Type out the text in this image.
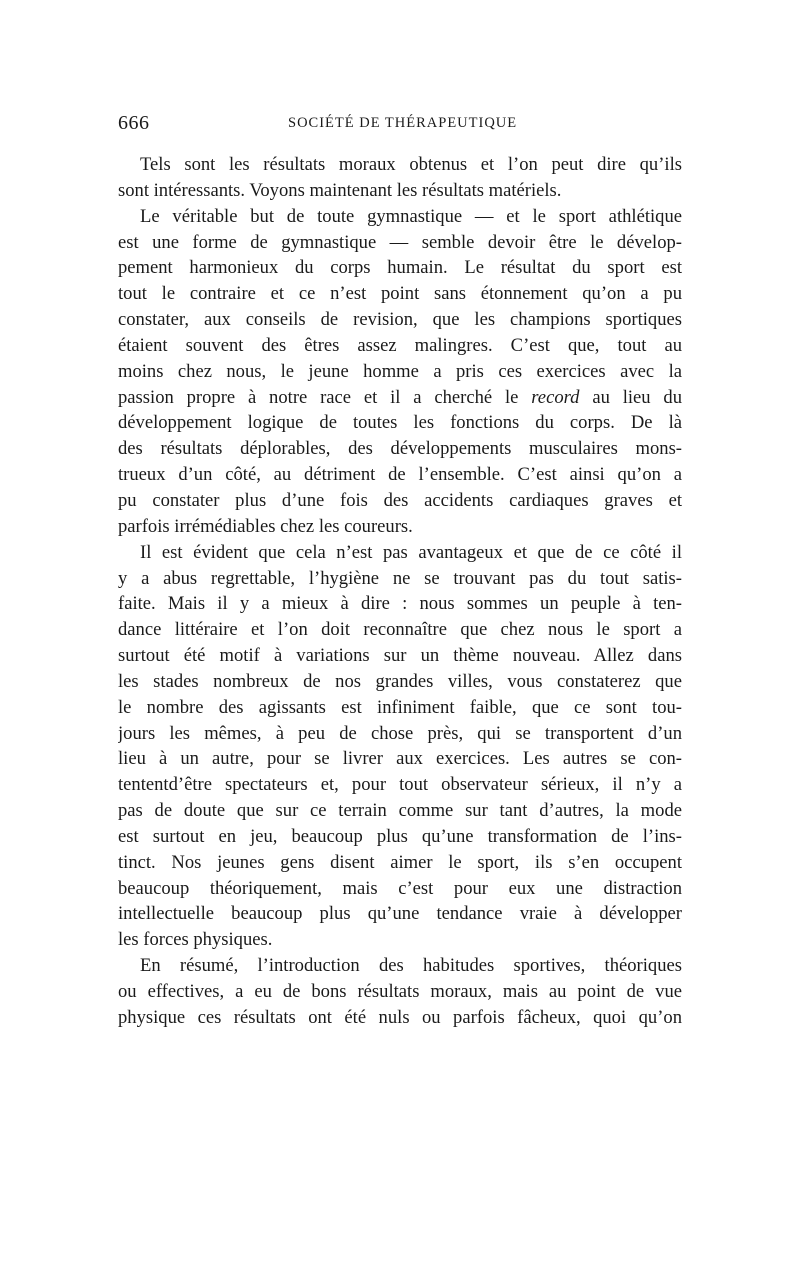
666	SOCIÉTÉ DE THÉRAPEUTIQUE
Tels sont les résultats moraux obtenus et l’on peut dire qu’ils
sont intéressants. Voyons maintenant les résultats matériels.
Le véritable but de toute gymnastique — et le sport athlétique
est une forme de gymnastique — semble devoir être le dévelop-
pement harmonieux du corps humain. Le résultat du sport est
tout le contraire et ce n’est point sans étonnement qu’on a pu
constater, aux conseils de revision, que les champions sportiques
étaient souvent des êtres assez malingres. C’est que, tout au
moins chez nous, le jeune homme a pris ces exercices avec la
passion propre à notre race et il a cherché le record au lieu du
développement logique de toutes les fonctions du corps. De là
des résultats déplorables, des développements musculaires mons-
trueux d’un côté, au détriment de l’ensemble. C’est ainsi qu’on a
pu constater plus d’une fois des accidents cardiaques graves et
parfois irrémédiables chez les coureurs.
Il est évident que cela n’est pas avantageux et que de ce côté il
y a abus regrettable, l’hygiène ne se trouvant pas du tout satis-
faite. Mais il y a mieux à dire : nous sommes un peuple à ten-
dance littéraire et l’on doit reconnaître que chez nous le sport a
surtout été motif à variations sur un thème nouveau. Allez dans
les stades nombreux de nos grandes villes, vous constaterez que
le nombre des agissants est infiniment faible, que ce sont tou-
jours les mêmes, à peu de chose près, qui se transportent d’un
lieu à un autre, pour se livrer aux exercices. Les autres se con-
tententd’être spectateurs et, pour tout observateur sérieux, il n’y a
pas de doute que sur ce terrain comme sur tant d’autres, la mode
est surtout en jeu, beaucoup plus qu’une transformation de l’ins-
tinct. Nos jeunes gens disent aimer le sport, ils s’en occupent
beaucoup théoriquement, mais c’est pour eux une distraction
intellectuelle beaucoup plus qu’une tendance vraie à développer
les forces physiques.
En résumé, l’introduction des habitudes sportives, théoriques
ou effectives, a eu de bons résultats moraux, mais au point de vue
physique ces résultats ont été nuls ou parfois fâcheux, quoi qu’on
